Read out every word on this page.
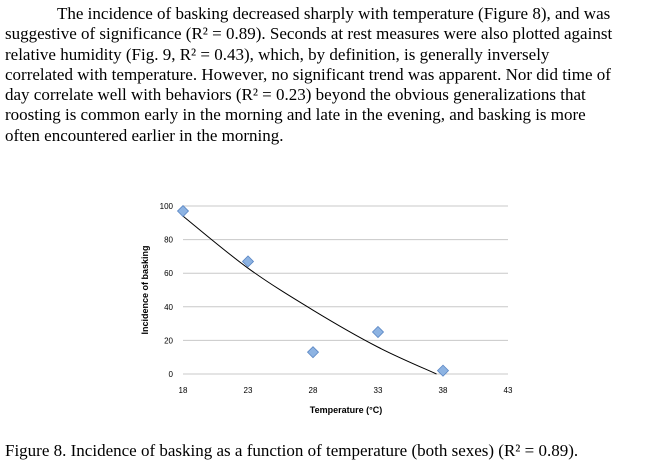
The incidence of basking decreased sharply with temperature (Figure 8), and was
suggestive of significance (R² = 0.89). Seconds at rest measures were also plotted against
relative humidity (Fig. 9, R² = 0.43), which, by definition, is generally inversely
correlated with temperature. However, no significant trend was apparent. Nor did time of
day correlate well with behaviors (R² = 0.23) beyond the obvious generalizations that
roosting is common early in the morning and late in the evening, and basking is more
often encountered earlier in the morning.
0
20
40
60
80
100
18	23	28	33	38	43
Temperature (°C)
Incidence of basking
Figure 8. Incidence of basking as a function of temperature (both sexes) (R² = 0.89).
